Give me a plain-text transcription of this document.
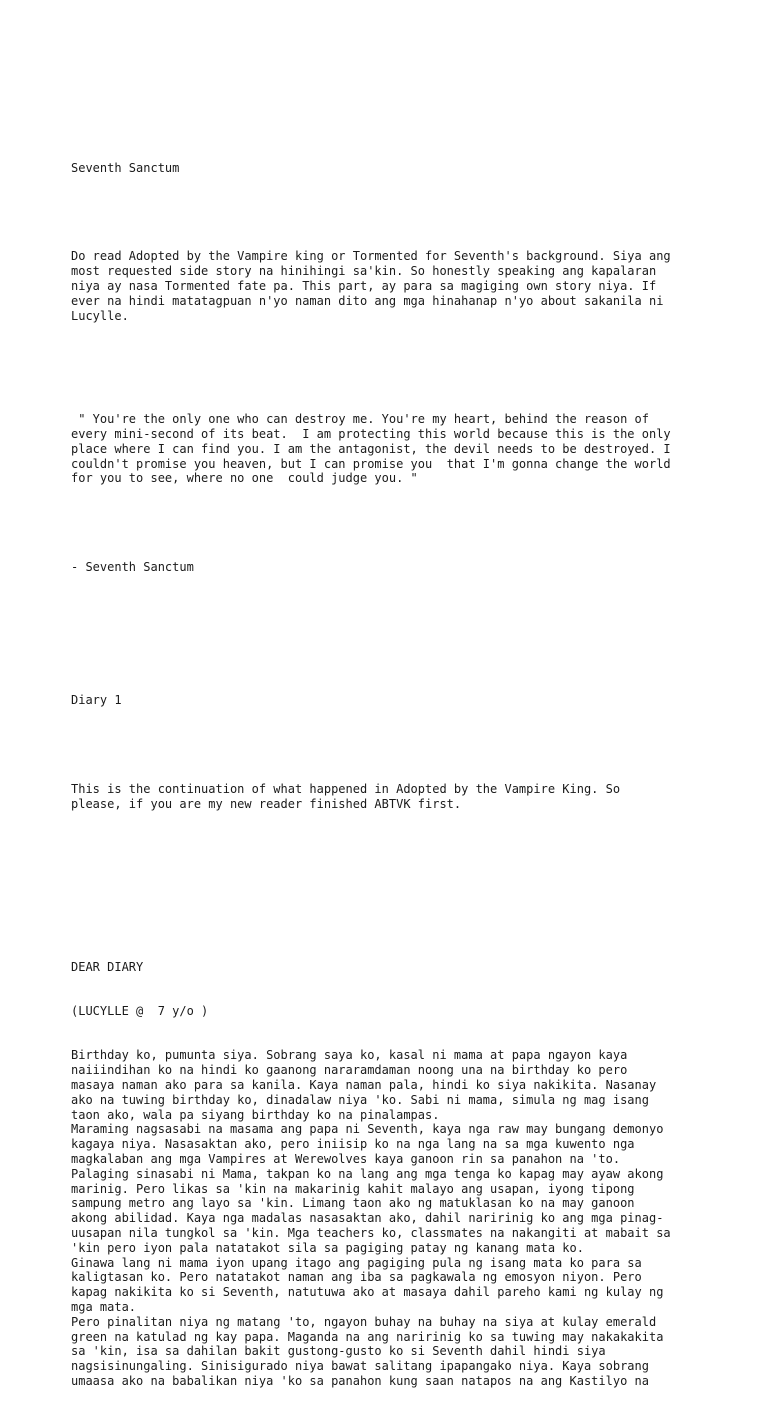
Seventh Sanctum

Do read Adopted by the Vampire king or Tormented for Seventh's background. Siya ang
most requested side story na hinihingi sa'kin. So honestly speaking ang kapalaran
niya ay nasa Tormented fate pa. This part, ay para sa magiging own story niya. If
ever na hindi matatagpuan n'yo naman dito ang mga hinahanap n'yo about sakanila ni
Lucylle.

" You're the only one who can destroy me. You're my heart, behind the reason of
every mini-second of its beat.  I am protecting this world because this is the only
place where I can find you. I am the antagonist, the devil needs to be destroyed. I
couldn't promise you heaven, but I can promise you  that I'm gonna change the world
for you to see, where no one  could judge you. "

- Seventh Sanctum

Diary 1

This is the continuation of what happened in Adopted by the Vampire King. So
please, if you are my new reader finished ABTVK first.

DEAR DIARY

(LUCYLLE @  7 y/o )

Birthday ko, pumunta siya. Sobrang saya ko, kasal ni mama at papa ngayon kaya
naiiindihan ko na hindi ko gaanong nararamdaman noong una na birthday ko pero
masaya naman ako para sa kanila. Kaya naman pala, hindi ko siya nakikita. Nasanay
ako na tuwing birthday ko, dinadalaw niya 'ko. Sabi ni mama, simula ng mag isang
taon ako, wala pa siyang birthday ko na pinalampas.
Maraming nagsasabi na masama ang papa ni Seventh, kaya nga raw may bungang demonyo
kagaya niya. Nasasaktan ako, pero iniisip ko na nga lang na sa mga kuwento nga
magkalaban ang mga Vampires at Werewolves kaya ganoon rin sa panahon na 'to.
Palaging sinasabi ni Mama, takpan ko na lang ang mga tenga ko kapag may ayaw akong
marinig. Pero likas sa 'kin na makarinig kahit malayo ang usapan, iyong tipong
sampung metro ang layo sa 'kin. Limang taon ako ng matuklasan ko na may ganoon
akong abilidad. Kaya nga madalas nasasaktan ako, dahil naririnig ko ang mga pinag-
uusapan nila tungkol sa 'kin. Mga teachers ko, classmates na nakangiti at mabait sa
'kin pero iyon pala natatakot sila sa pagiging patay ng kanang mata ko.
Ginawa lang ni mama iyon upang itago ang pagiging pula ng isang mata ko para sa
kaligtasan ko. Pero natatakot naman ang iba sa pagkawala ng emosyon niyon. Pero
kapag nakikita ko si Seventh, natutuwa ako at masaya dahil pareho kami ng kulay ng
mga mata.
Pero pinalitan niya ng matang 'to, ngayon buhay na buhay na siya at kulay emerald
green na katulad ng kay papa. Maganda na ang naririnig ko sa tuwing may nakakakita
sa 'kin, isa sa dahilan bakit gustong-gusto ko si Seventh dahil hindi siya
nagsisinungaling. Sinisigurado niya bawat salitang ipapangako niya. Kaya sobrang
umaasa ako na babalikan niya 'ko sa panahon kung saan natapos na ang Kastilyo na
